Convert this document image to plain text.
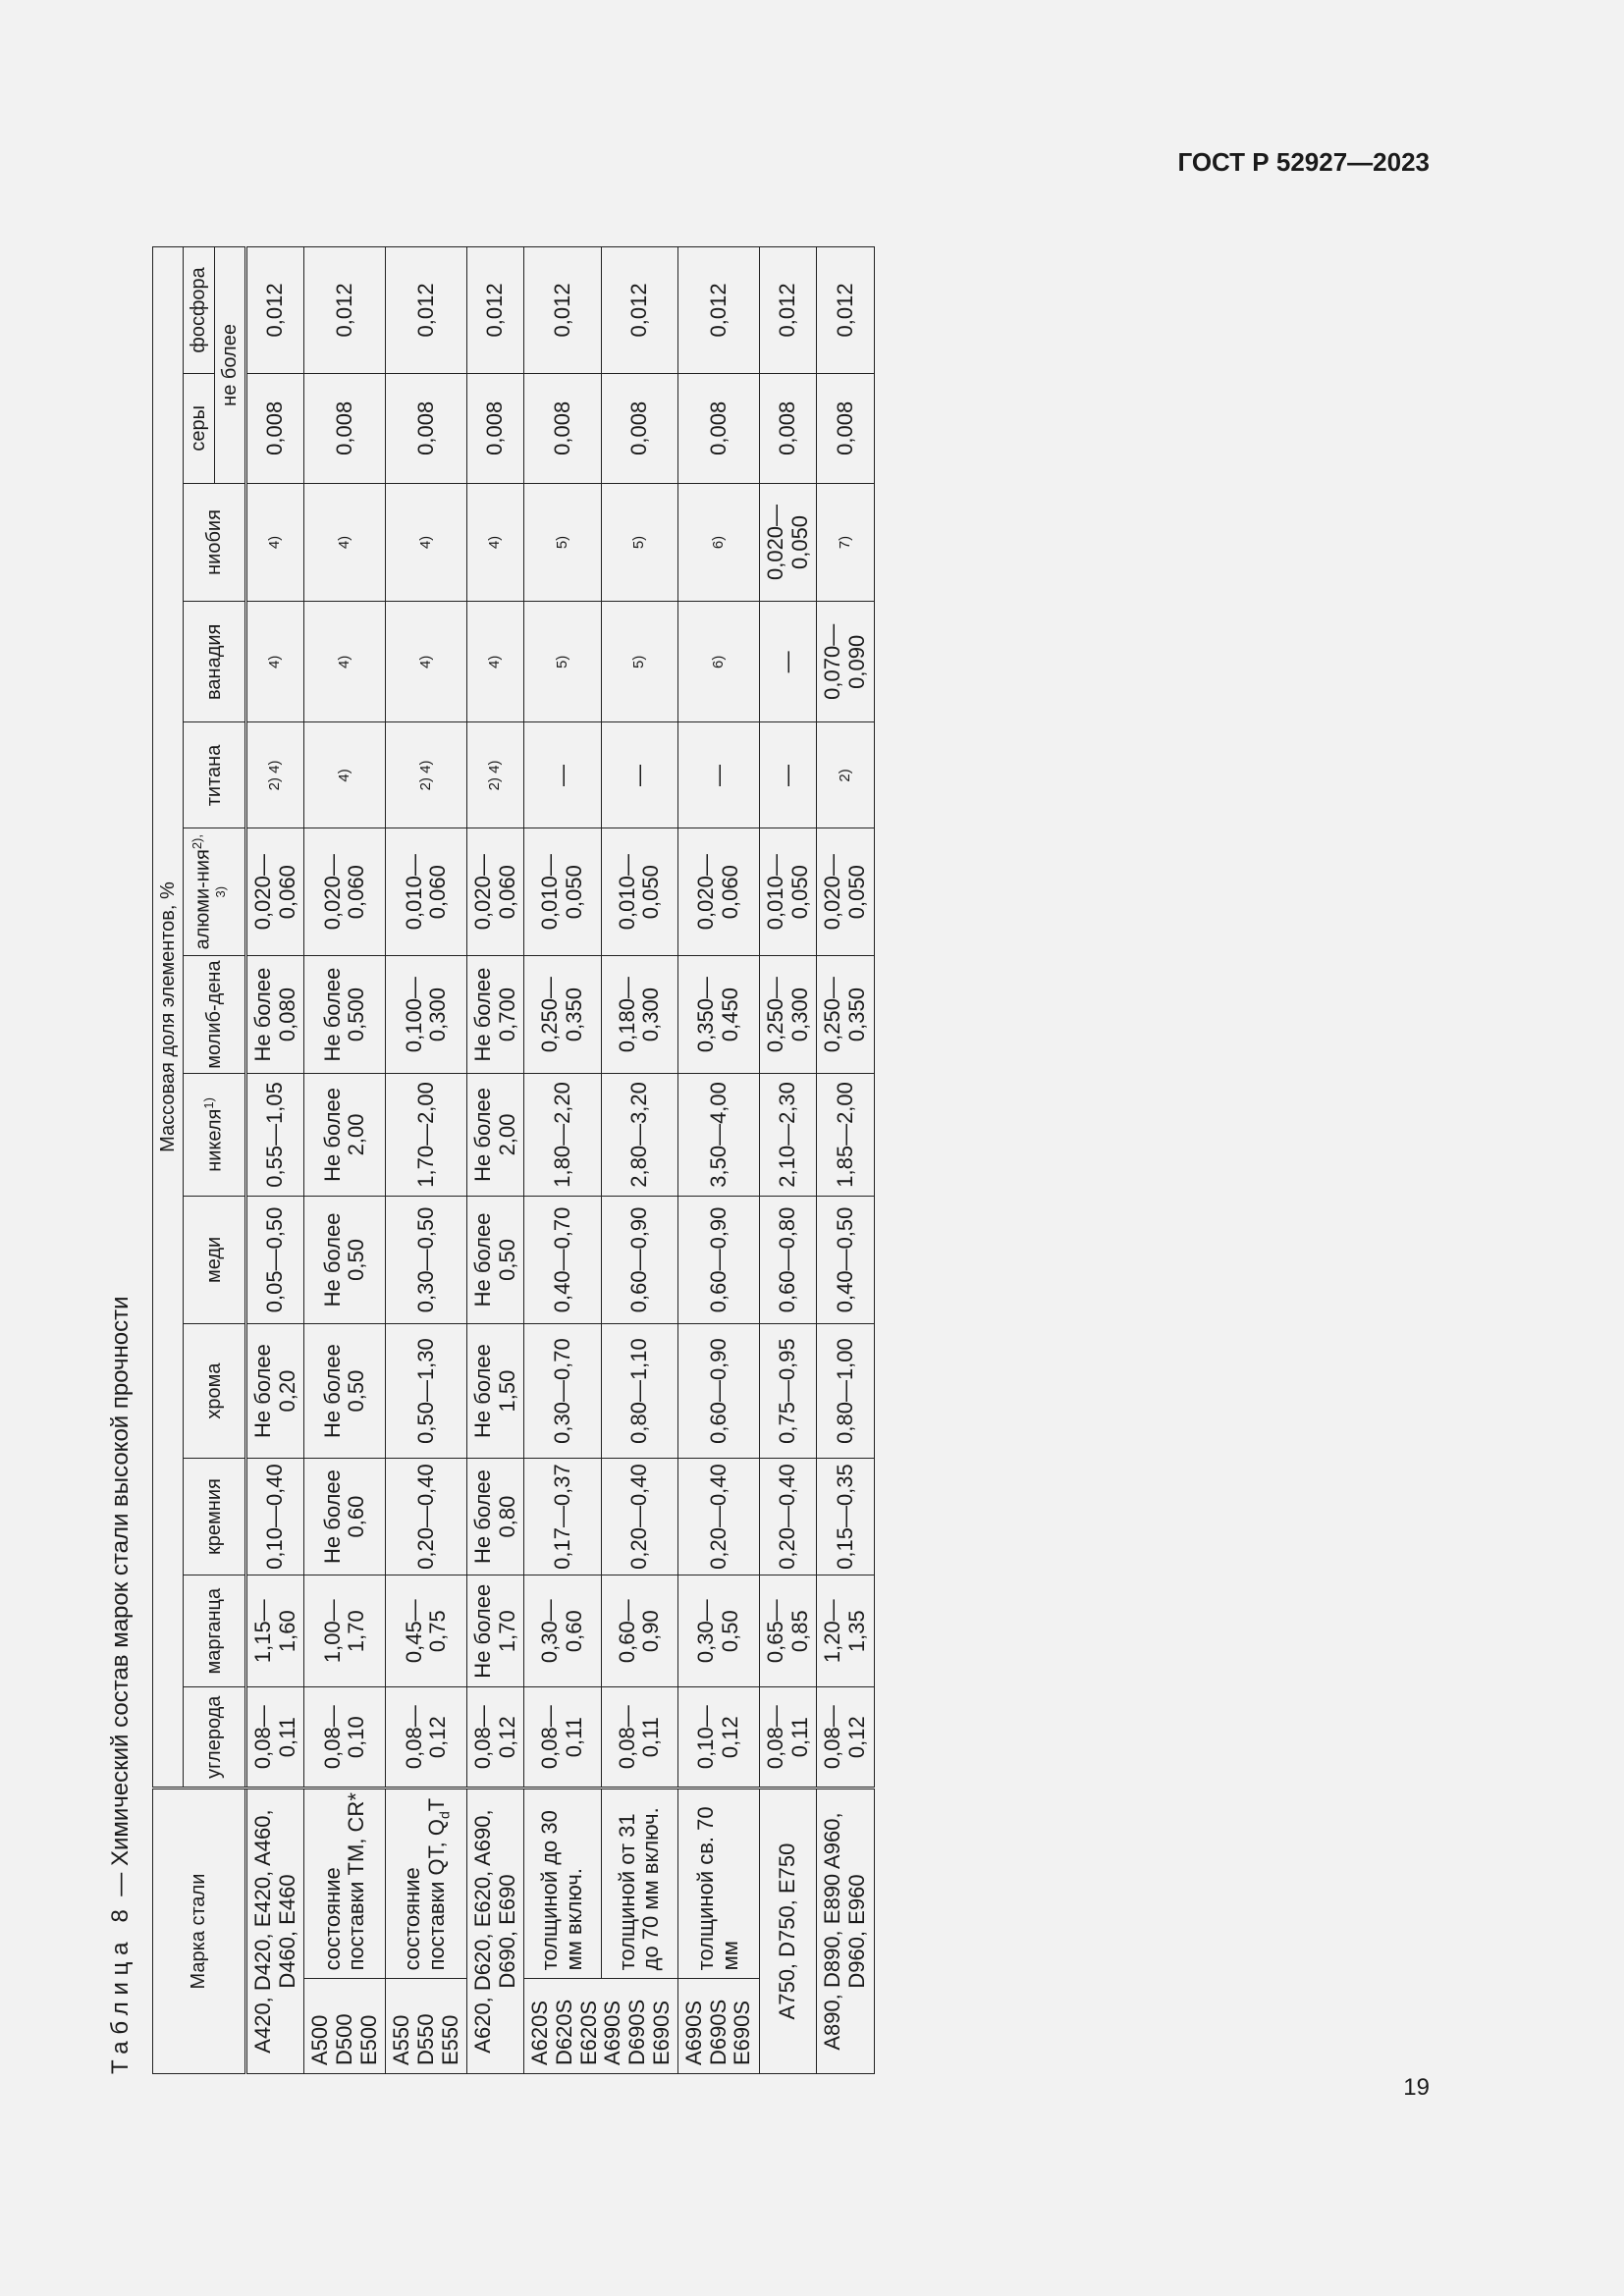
ГОСТ Р 52927—2023
19
Таблица 8 — Химический состав марок стали высокой прочности
Марка стали		Массовая доля элементов, %												
		углерода	марганца	кремния	хрома	меди	никеля$^{1)}$	молиб-дена	алюми-ния$^{2), 3)}$	титана	ванадия	ниобия	серы	фосфора
													не более	
A420, D420, E420, A460, D460, E460		0,08—0,11	1,15—1,60	0,10—0,40	Не более 0,20	0,05—0,50	0,55—1,05	Не более 0,080	0,020—0,060	2) 4)	4)	4)	0,008	0,012
A500 D500 E500	состояние поставки TM, CR*	0,08—0,10	1,00—1,70	Не более 0,60	Не более 0,50	Не более 0,50	Не более 2,00	Не более 0,500	0,020—0,060	4)	4)	4)	0,008	0,012
A550 D550 E550	состояние поставки QT, $Q_dT$	0,08—0,12	0,45—0,75	0,20—0,40	0,50—1,30	0,30—0,50	1,70—2,00	0,100—0,300	0,010—0,060	2) 4)	4)	4)	0,008	0,012
A620, D620, E620, A690, D690, E690		0,08—0,12	Не более 1,70	Не более 0,80	Не более 1,50	Не более 0,50	Не более 2,00	Не более 0,700	0,020—0,060	2) 4)	4)	4)	0,008	0,012
A620S D620S E620S A690S D690S E690S	толщиной до 30 мм включ.	0,08—0,11	0,30—0,60	0,17—0,37	0,30—0,70	0,40—0,70	1,80—2,20	0,250—0,350	0,010—0,050	—	5)	5)	0,008	0,012
	толщиной от 31 до 70 мм включ.	0,08—0,11	0,60—0,90	0,20—0,40	0,80—1,10	0,60—0,90	2,80—3,20	0,180—0,300	0,010—0,050	—	5)	5)	0,008	0,012
A690S D690S E690S	толщиной св. 70 мм	0,10—0,12	0,30—0,50	0,20—0,40	0,60—0,90	0,60—0,90	3,50—4,00	0,350—0,450	0,020—0,060	—	6)	6)	0,008	0,012
A750, D750, E750		0,08—0,11	0,65—0,85	0,20—0,40	0,75—0,95	0,60—0,80	2,10—2,30	0,250—0,300	0,010—0,050	—	—	0,020—0,050	0,008	0,012
A890, D890, E890 A960, D960, E960		0,08—0,12	1,20—1,35	0,15—0,35	0,80—1,00	0,40—0,50	1,85—2,00	0,250—0,350	0,020—0,050	2)	0,070—0,090	7)	0,008	0,012
